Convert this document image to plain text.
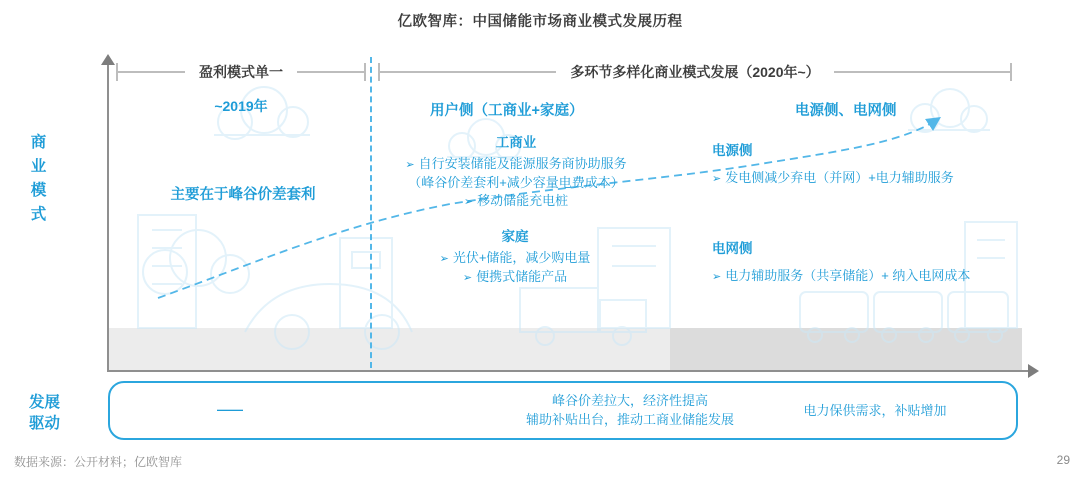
亿欧智库：中国储能市场商业模式发展历程
商业模式
发展驱动
盈利模式单一	多环节多样化商业模式发展（2020年~）
~2019年
主要在于峰谷价差套利
用户侧（工商业+家庭）	电源侧、电网侧
工商业
➢ 自行安装储能及能源服务商协助服务
（峰谷价差套利+减少容量电费成本）
➢ 移动储能充电桩
家庭
➢ 光伏+储能，减少购电量
➢ 便携式储能产品
电源侧
➢ 发电侧减少弃电（并网）+电力辅助服务
电网侧
➢ 电力辅助服务（共享储能）+ 纳入电网成本
——
峰谷价差拉大，经济性提高
辅助补贴出台，推动工商业储能发展
电力保供需求，补贴增加
数据来源：公开材料；亿欧智库	29
